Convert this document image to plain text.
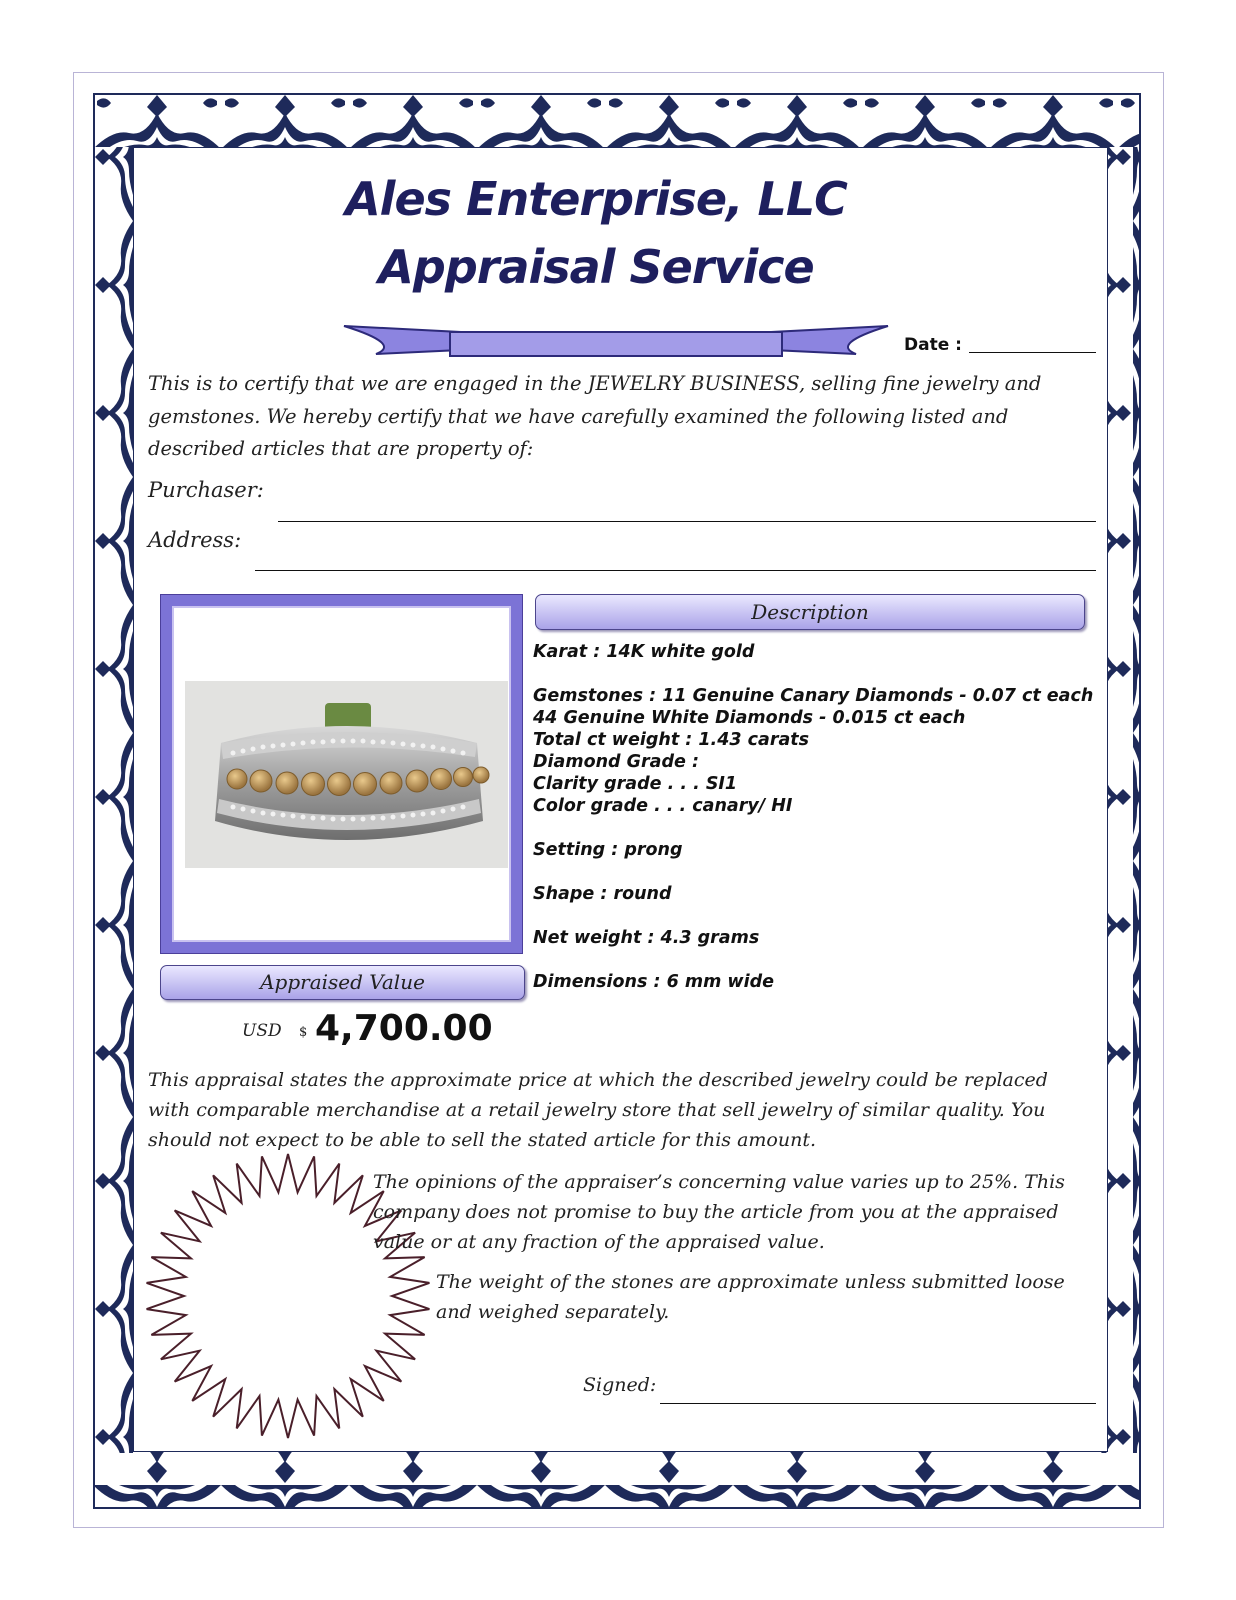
Ales Enterprise, LLC
Appraisal Service
Date :
This is to certify that we are engaged in the JEWELRY BUSINESS, selling fine jewelry and gemstones. We hereby certify that we have carefully examined the following listed and described articles that are property of:
Purchaser:
Address:
Description
Karat : 14K white gold

Gemstones : 11 Genuine Canary Diamonds - 0.07 ct each
44 Genuine White Diamonds - 0.015 ct each
Total ct weight : 1.43 carats
Diamond Grade :
Clarity grade . . . SI1
Color grade . . . canary/ HI

Setting : prong

Shape : round

Net weight : 4.3 grams

Dimensions : 6 mm wide
Appraised Value
USD $ 4,700.00
This appraisal states the approximate price at which the described jewelry could be replaced with comparable merchandise at a retail jewelry store that sell jewelry of similar quality. You should not expect to be able to sell the stated article for this amount.
The opinions of the appraiser’s concerning value varies up to 25%. This company does not promise to buy the article from you at the appraised value or at any fraction of the appraised value.
The weight of the stones are approximate unless submitted loose and weighed separately.
Signed:
